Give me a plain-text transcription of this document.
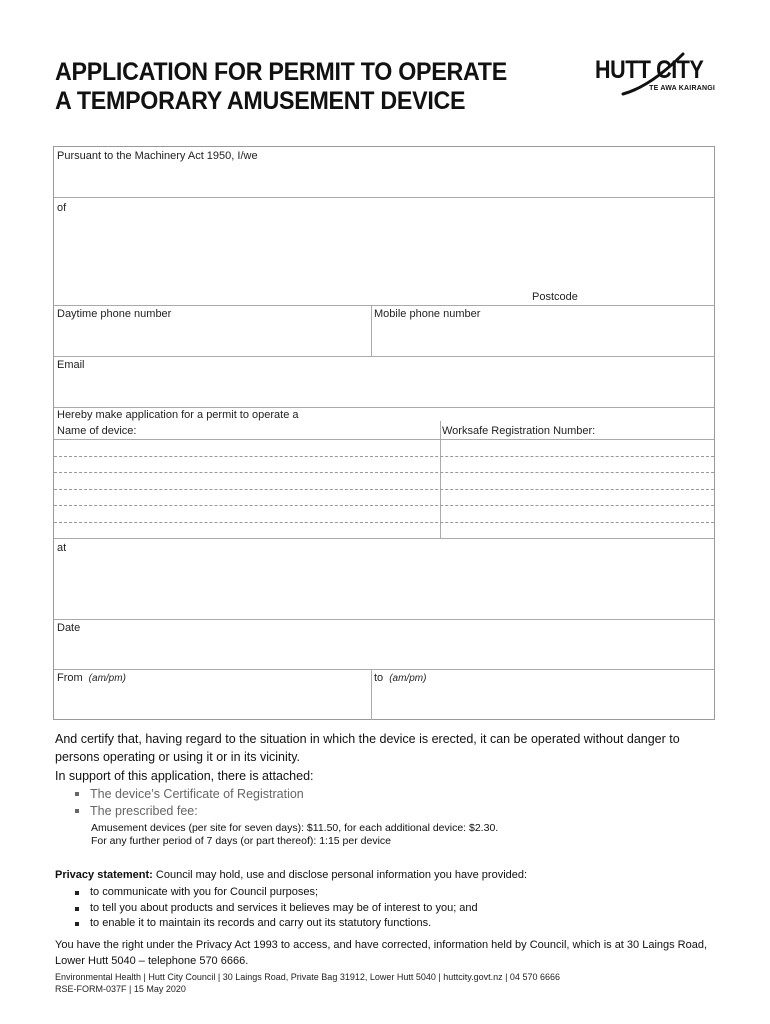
APPLICATION FOR PERMIT TO OPERATE
A TEMPORARY AMUSEMENT DEVICE
HUTT CITY
TE AWA KAIRANGI
Pursuant to the Machinery Act 1950, I/we
of
Postcode
Daytime phone number	Mobile phone number
Email
Hereby make application for a permit to operate a
Name of device:	Worksafe Registration Number:
at
Date
From (am/pm)	to (am/pm)
And certify that, having regard to the situation in which the device is erected, it can be operated without danger to persons operating or using it or in its vicinity.
In support of this application, there is attached:
The device’s Certificate of Registration
The prescribed fee:
Amusement devices (per site for seven days): $11.50, for each additional device: $2.30.
For any further period of 7 days (or part thereof): 1:15 per device
Privacy statement: Council may hold, use and disclose personal information you have provided:
to communicate with you for Council purposes;
to tell you about products and services it believes may be of interest to you; and
to enable it to maintain its records and carry out its statutory functions.
You have the right under the Privacy Act 1993 to access, and have corrected, information held by Council, which is at 30 Laings Road, Lower Hutt 5040 – telephone 570 6666.
Environmental Health | Hutt City Council | 30 Laings Road, Private Bag 31912, Lower Hutt 5040 | huttcity.govt.nz | 04 570 6666
RSE-FORM-037F | 15 May 2020
